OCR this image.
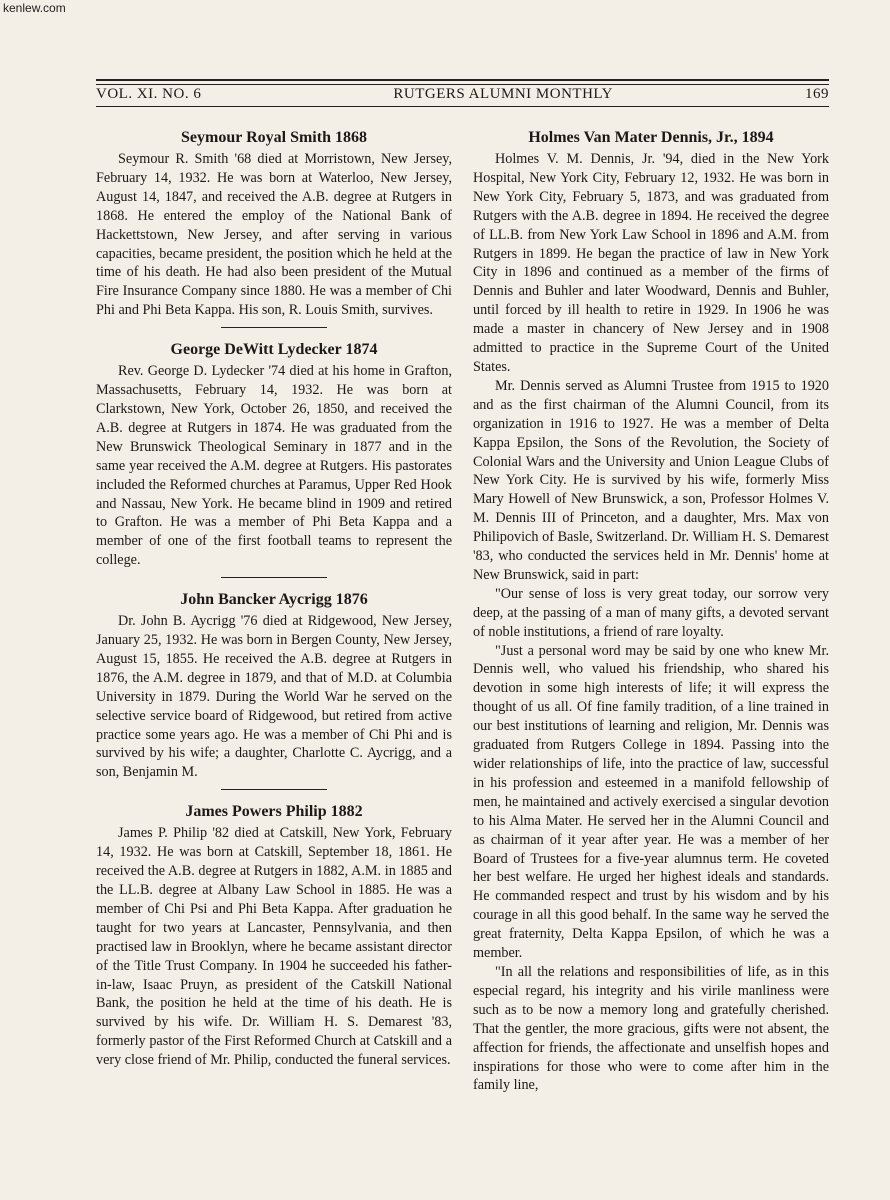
kenlew.com
VOL. XI. NO. 6	RUTGERS ALUMNI MONTHLY	169
Seymour Royal Smith 1868

Seymour R. Smith '68 died at Morristown, New Jersey, February 14, 1932. He was born at Waterloo, New Jersey, August 14, 1847, and received the A.B. degree at Rutgers in 1868. He entered the employ of the National Bank of Hackettstown, New Jersey, and after serving in various capacities, became president, the position which he held at the time of his death. He had also been president of the Mutual Fire Insurance Company since 1880. He was a member of Chi Phi and Phi Beta Kappa. His son, R. Louis Smith, survives.

George DeWitt Lydecker 1874

Rev. George D. Lydecker '74 died at his home in Grafton, Massachusetts, February 14, 1932. He was born at Clarkstown, New York, October 26, 1850, and received the A.B. degree at Rutgers in 1874. He was graduated from the New Brunswick Theological Seminary in 1877 and in the same year received the A.M. degree at Rutgers. His pastorates included the Reformed churches at Paramus, Upper Red Hook and Nassau, New York. He became blind in 1909 and retired to Grafton. He was a member of Phi Beta Kappa and a member of one of the first football teams to represent the college.

John Bancker Aycrigg 1876

Dr. John B. Aycrigg '76 died at Ridgewood, New Jersey, January 25, 1932. He was born in Bergen County, New Jersey, August 15, 1855. He received the A.B. degree at Rutgers in 1876, the A.M. degree in 1879, and that of M.D. at Columbia University in 1879. During the World War he served on the selective service board of Ridgewood, but retired from active practice some years ago. He was a member of Chi Phi and is survived by his wife; a daughter, Charlotte C. Aycrigg, and a son, Benjamin M.

James Powers Philip 1882

James P. Philip '82 died at Catskill, New York, February 14, 1932. He was born at Catskill, September 18, 1861. He received the A.B. degree at Rutgers in 1882, A.M. in 1885 and the LL.B. degree at Albany Law School in 1885. He was a member of Chi Psi and Phi Beta Kappa. After graduation he taught for two years at Lancaster, Pennsylvania, and then practised law in Brooklyn, where he became assistant director of the Title Trust Company. In 1904 he succeeded his father-in-law, Isaac Pruyn, as president of the Catskill National Bank, the position he held at the time of his death. He is survived by his wife. Dr. William H. S. Demarest '83, formerly pastor of the First Reformed Church at Catskill and a very close friend of Mr. Philip, conducted the funeral services.

Holmes Van Mater Dennis, Jr., 1894

Holmes V. M. Dennis, Jr. '94, died in the New York Hospital, New York City, February 12, 1932. He was born in New York City, February 5, 1873, and was graduated from Rutgers with the A.B. degree in 1894. He received the degree of LL.B. from New York Law School in 1896 and A.M. from Rutgers in 1899. He began the practice of law in New York City in 1896 and continued as a member of the firms of Dennis and Buhler and later Woodward, Dennis and Buhler, until forced by ill health to retire in 1929. In 1906 he was made a master in chancery of New Jersey and in 1908 admitted to practice in the Supreme Court of the United States.

Mr. Dennis served as Alumni Trustee from 1915 to 1920 and as the first chairman of the Alumni Council, from its organization in 1916 to 1927. He was a member of Delta Kappa Epsilon, the Sons of the Revolution, the Society of Colonial Wars and the University and Union League Clubs of New York City. He is survived by his wife, formerly Miss Mary Howell of New Brunswick, a son, Professor Holmes V. M. Dennis III of Princeton, and a daughter, Mrs. Max von Philipovich of Basle, Switzerland. Dr. William H. S. Demarest '83, who conducted the services held in Mr. Dennis' home at New Brunswick, said in part:

"Our sense of loss is very great today, our sorrow very deep, at the passing of a man of many gifts, a devoted servant of noble institutions, a friend of rare loyalty.

"Just a personal word may be said by one who knew Mr. Dennis well, who valued his friendship, who shared his devotion in some high interests of life; it will express the thought of us all. Of fine family tradition, of a line trained in our best institutions of learning and religion, Mr. Dennis was graduated from Rutgers College in 1894. Passing into the wider relationships of life, into the practice of law, successful in his profession and esteemed in a manifold fellowship of men, he maintained and actively exercised a singular devotion to his Alma Mater. He served her in the Alumni Council and as chairman of it year after year. He was a member of her Board of Trustees for a five-year alumnus term. He coveted her best welfare. He urged her highest ideals and standards. He commanded respect and trust by his wisdom and by his courage in all this good behalf. In the same way he served the great fraternity, Delta Kappa Epsilon, of which he was a member.

"In all the relations and responsibilities of life, as in this especial regard, his integrity and his virile manliness were such as to be now a memory long and gratefully cherished. That the gentler, the more gracious, gifts were not absent, the affection for friends, the affectionate and unselfish hopes and inspirations for those who were to come after him in the family line,
